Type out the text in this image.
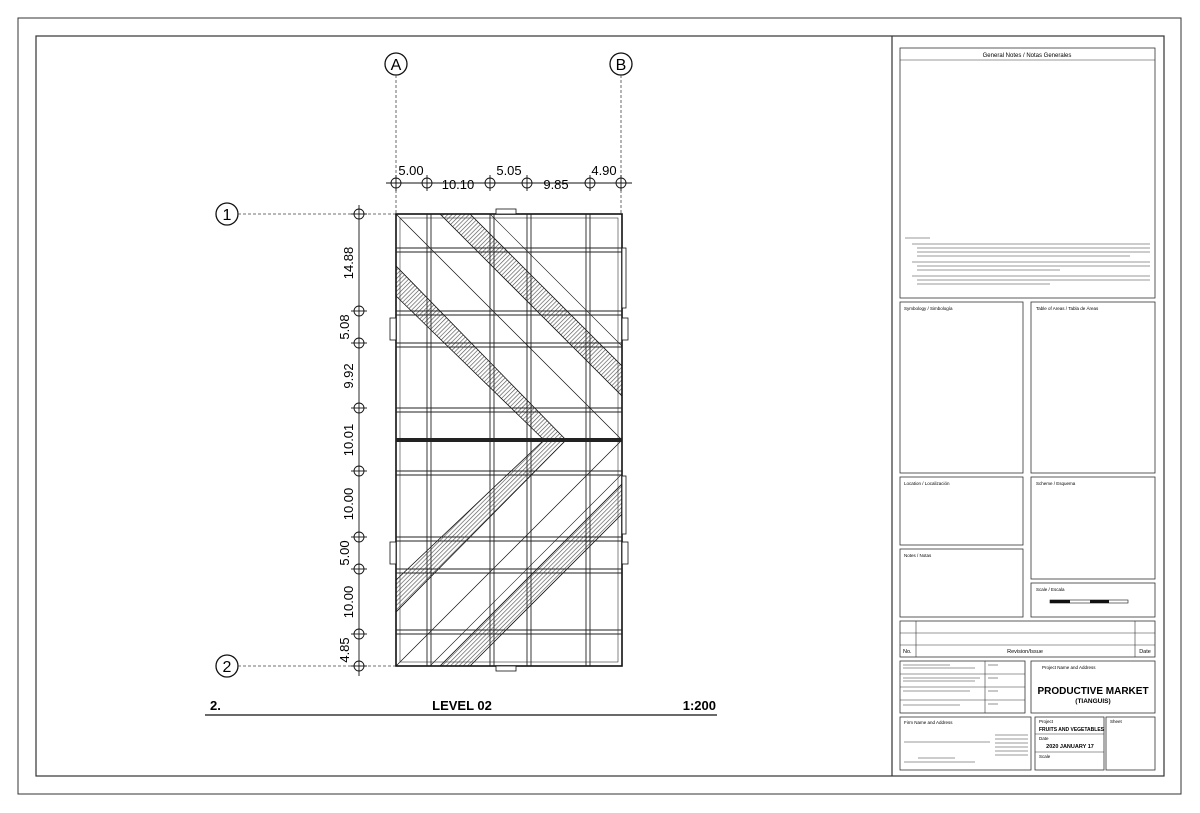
A	B
1
2
5.00
10.10
5.05
9.85
4.90
14.88
5.08
9.92
10.01
10.00
5.00
10.00
4.85
2.	LEVEL 02	1:200
General Notes / Notas Generales
Symbology / Simbología	Table of Areas / Tabla de Áreas
Location / Localización	Scheme / Esquema
Notes / Notas
Scale / Escala
No.	Revision/Issue	Date
Project Name and Address
PRODUCTIVE MARKET
(TIANGUIS)
Firm Name and Address	Project
FRUITS AND VEGETABLES
Date
2020 JANUARY 17
Scale
Sheet
